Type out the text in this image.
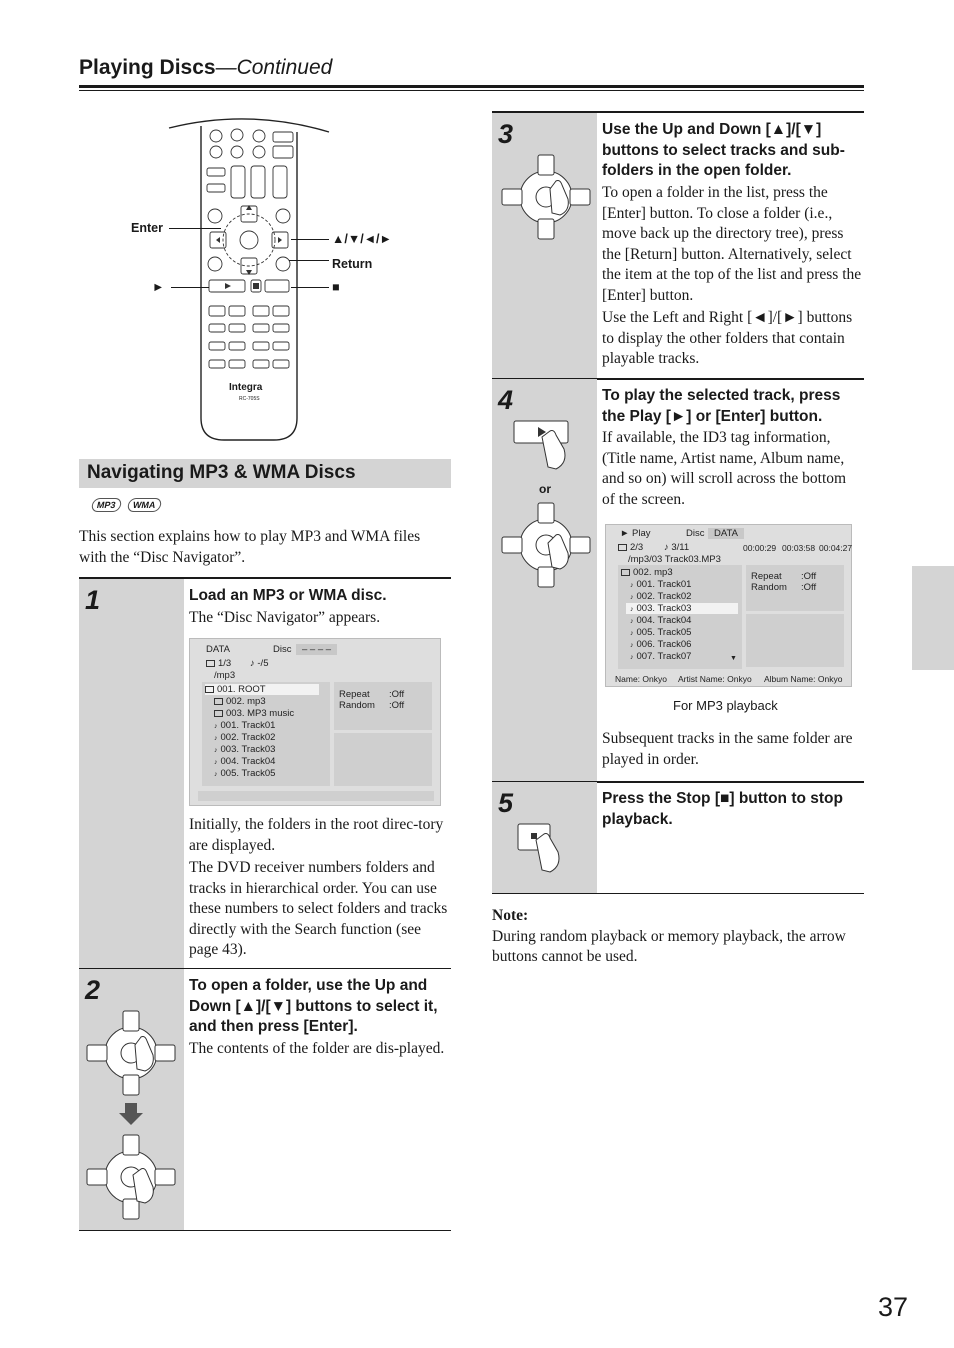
Playing Discs—Continued
Enter
▲/▼/◄/►
Return
►	■
Integra
RC-705S
Navigating MP3 & WMA Discs
MP3	WMA
This section explains how to play MP3 and WMA files with the “Disc Navigator”.
1	Load an MP3 or WMA disc.
The “Disc Navigator” appears.
DATA	Disc	– – – –
1/3 ♪ -/5
/mp3
001. ROOT
002. mp3
003. MP3 music
♪ 001. Track01
♪ 002. Track02
♪ 003. Track03
♪ 004. Track04
♪ 005. Track05
Repeat :Off
Random :Off

Initially, the folders in the root direc-tory are displayed.

The DVD receiver numbers folders and tracks in hierarchical order. You can use these numbers to select folders and tracks directly with the Search function (see page 43).

2	To open a folder, use the Up and Down [▲]/[▼] buttons to select it, and then press [Enter].
The contents of the folder are dis-played.
3	Use the Up and Down [▲]/[▼] buttons to select tracks and sub-folders in the open folder.

To open a folder in the list, press the [Enter] button. To close a folder (i.e., move back up the directory tree), press the [Return] button. Alternatively, select the item at the top of the list and press the [Enter] button.

Use the Left and Right [◄]/[►] buttons to display the other folders that contain playable tracks.

4
or
To play the selected track, press the Play [►] or [Enter] button.
If available, the ID3 tag information, (Title name, Artist name, Album name, and so on) will scroll across the bottom of the screen.
► Play	Disc	DATA
2/3 ♪ 3/11	00:00:29 00:03:58 00:04:27
/mp3/03 Track03.MP3
002. mp3
♪ 001. Track01
♪ 002. Track02
♪ 003. Track03
♪ 004. Track04
♪ 005. Track05
♪ 006. Track06
♪ 007. Track07	▼
Repeat :Off
Random :Off
Name: Onkyo Artist Name: Onkyo Album Name: Onkyo
Subsequent tracks in the same folder are played in order.
For MP3 playback
5	Press the Stop [■] button to stop playback.
Note:
During random playback or memory playback, the arrow buttons cannot be used.
37
